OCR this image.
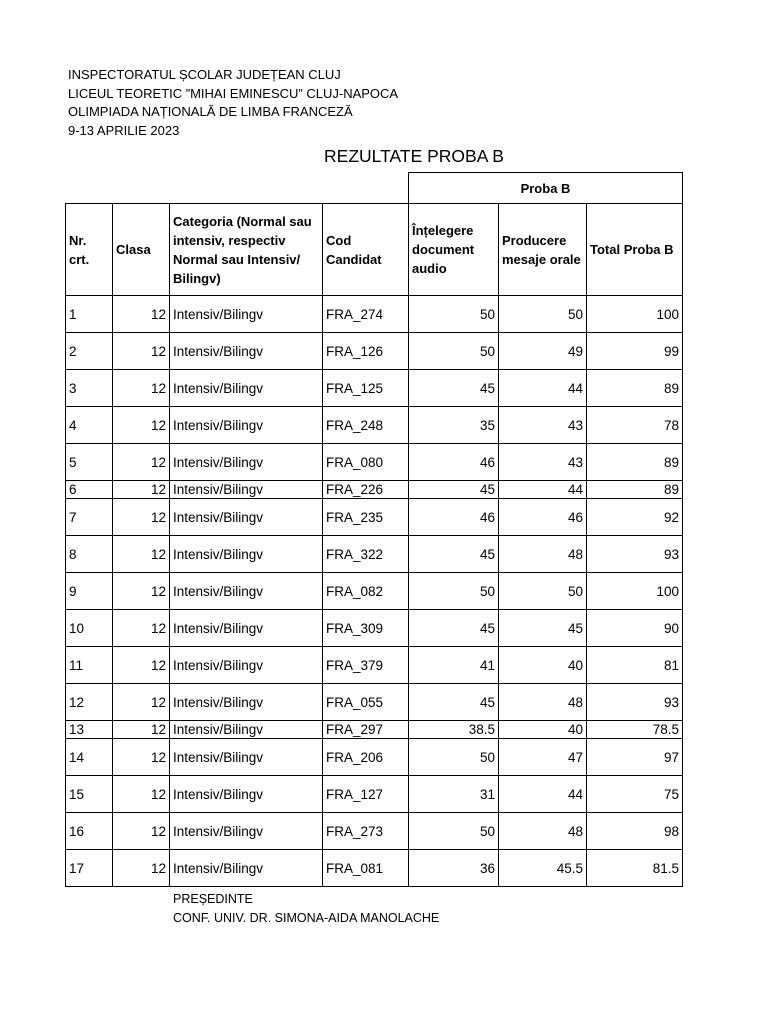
INSPECTORATUL ȘCOLAR JUDEȚEAN CLUJ
LICEUL TEORETIC ”MIHAI EMINESCU” CLUJ-NAPOCA
OLIMPIADA NAȚIONALĂ DE LIMBA FRANCEZĂ
9-13 APRILIE 2023
REZULTATE PROBA B
				Proba B		
Nr. crt.	Clasa	Categoria (Normal sau intensiv, respectiv Normal sau Intensiv/ Bilingv)	Cod Candidat	Înțelegere document audio	Producere mesaje orale	Total Proba B
1	12	Intensiv/Bilingv	FRA_274	50	50	100
2	12	Intensiv/Bilingv	FRA_126	50	49	99
3	12	Intensiv/Bilingv	FRA_125	45	44	89
4	12	Intensiv/Bilingv	FRA_248	35	43	78
5	12	Intensiv/Bilingv	FRA_080	46	43	89
6	12	Intensiv/Bilingv	FRA_226	45	44	89
7	12	Intensiv/Bilingv	FRA_235	46	46	92
8	12	Intensiv/Bilingv	FRA_322	45	48	93
9	12	Intensiv/Bilingv	FRA_082	50	50	100
10	12	Intensiv/Bilingv	FRA_309	45	45	90
11	12	Intensiv/Bilingv	FRA_379	41	40	81
12	12	Intensiv/Bilingv	FRA_055	45	48	93
13	12	Intensiv/Bilingv	FRA_297	38.5	40	78.5
14	12	Intensiv/Bilingv	FRA_206	50	47	97
15	12	Intensiv/Bilingv	FRA_127	31	44	75
16	12	Intensiv/Bilingv	FRA_273	50	48	98
17	12	Intensiv/Bilingv	FRA_081	36	45.5	81.5
PREȘEDINTE
CONF. UNIV. DR. SIMONA-AIDA MANOLACHE
